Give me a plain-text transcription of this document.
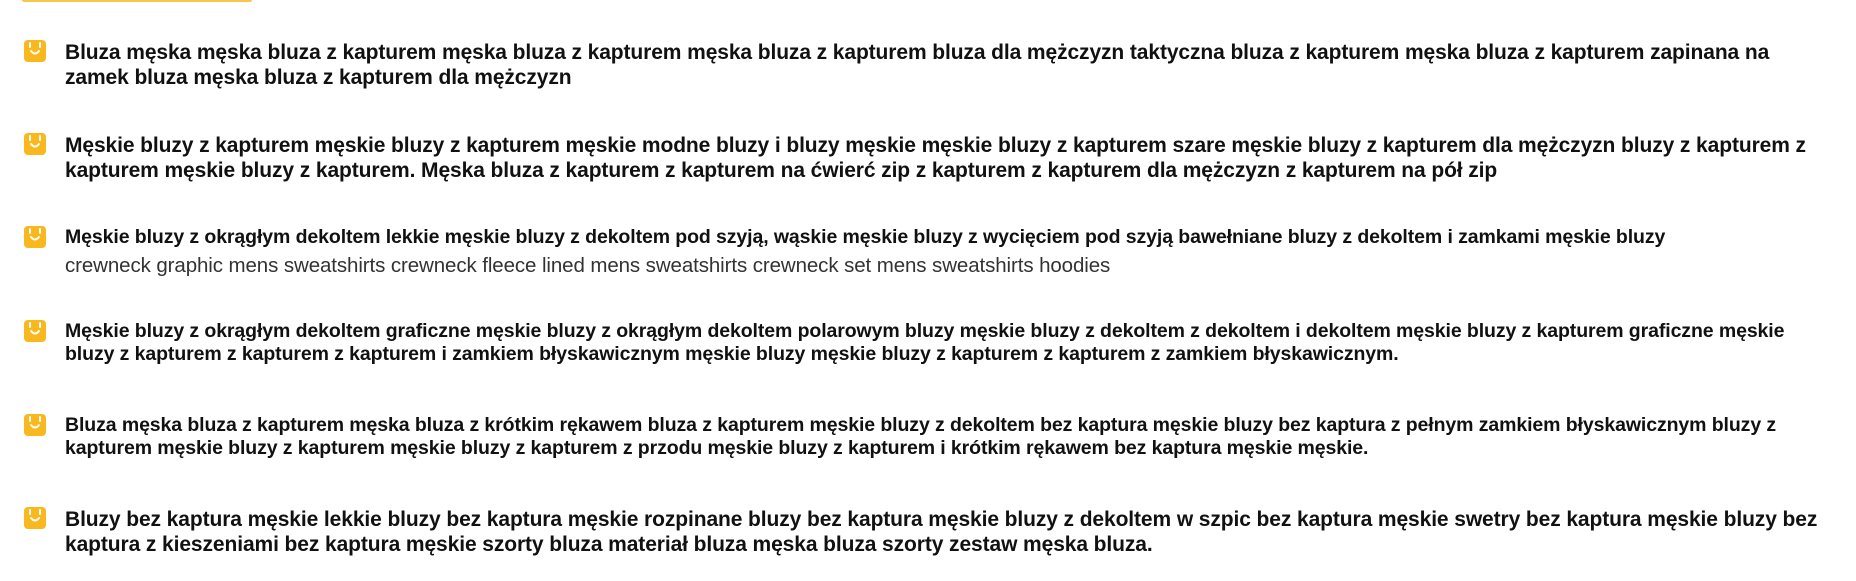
Bluza męska męska bluza z kapturem męska bluza z kapturem męska bluza z kapturem bluza dla mężczyzn taktyczna bluza z kapturem męska bluza z kapturem zapinana na zamek bluza męska bluza z kapturem dla mężczyzn
Męskie bluzy z kapturem męskie bluzy z kapturem męskie modne bluzy i bluzy męskie męskie bluzy z kapturem szare męskie bluzy z kapturem dla mężczyzn bluzy z kapturem z kapturem męskie bluzy z kapturem. Męska bluza z kapturem z kapturem na ćwierć zip z kapturem z kapturem dla mężczyzn z kapturem na pół zip
Męskie bluzy z okrągłym dekoltem lekkie męskie bluzy z dekoltem pod szyją, wąskie męskie bluzy z wycięciem pod szyją bawełniane bluzy z dekoltem i zamkami męskie bluzy
crewneck graphic mens sweatshirts crewneck fleece lined mens sweatshirts crewneck set mens sweatshirts hoodies
Męskie bluzy z okrągłym dekoltem graficzne męskie bluzy z okrągłym dekoltem polarowym bluzy męskie bluzy z dekoltem z dekoltem i dekoltem męskie bluzy z kapturem graficzne męskie bluzy z kapturem z kapturem z kapturem i zamkiem błyskawicznym męskie bluzy męskie bluzy z kapturem z kapturem z zamkiem błyskawicznym.
Bluza męska bluza z kapturem męska bluza z krótkim rękawem bluza z kapturem męskie bluzy z dekoltem bez kaptura męskie bluzy bez kaptura z pełnym zamkiem błyskawicznym bluzy z kapturem męskie bluzy z kapturem męskie bluzy z kapturem z przodu męskie bluzy z kapturem i krótkim rękawem bez kaptura męskie męskie.
Bluzy bez kaptura męskie lekkie bluzy bez kaptura męskie rozpinane bluzy bez kaptura męskie bluzy z dekoltem w szpic bez kaptura męskie swetry bez kaptura męskie bluzy bez kaptura z kieszeniami bez kaptura męskie szorty bluza materiał bluza męska bluza szorty zestaw męska bluza.
